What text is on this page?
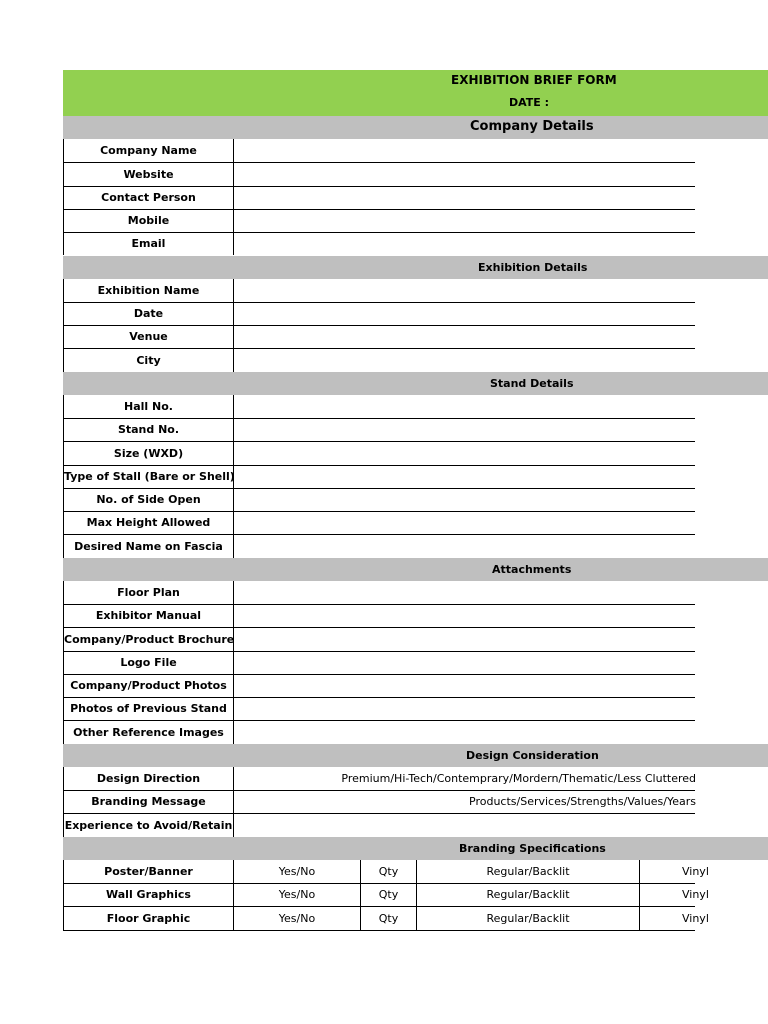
EXHIBITION BRIEF FORM
DATE :
Company Details
Company Name
Website
Contact Person
Mobile
Email
Exhibition Details
Exhibition Name
Date
Venue
City
Stand Details
Hall No.
Stand No.
Size (WXD)
Type of Stall (Bare or Shell)
No. of Side Open
Max Height Allowed
Desired Name on Fascia
Attachments
Floor Plan
Exhibitor Manual
Company/Product Brochure
Logo File
Company/Product Photos
Photos of Previous Stand
Other Reference Images
Design Consideration
Design Direction	Premium/Hi-Tech/Contemprary/Mordern/Thematic/Less Cluttered
Branding Message	Products/Services/Strengths/Values/Years
Experience to Avoid/Retain
Branding Specifications
Poster/Banner	Yes/No	Qty	Regular/Backlit	Vinyl
Wall Graphics	Yes/No	Qty	Regular/Backlit	Vinyl
Floor Graphic	Yes/No	Qty	Regular/Backlit	Vinyl
